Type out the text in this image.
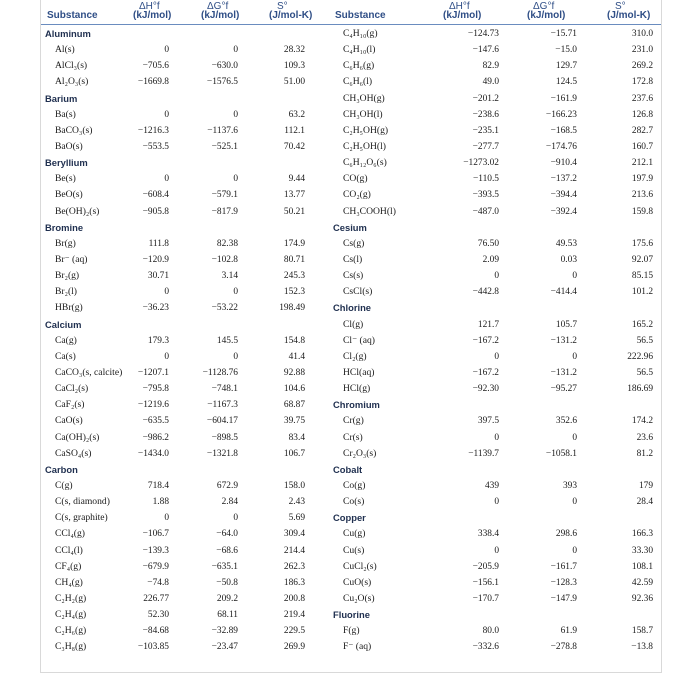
Substance
ΔH°f
(kJ/mol)
ΔG°f
(kJ/mol)
S°
(J/mol-K) Substance
ΔH°f
(kJ/mol)
ΔG°f
(kJ/mol)
S°
(J/mol-K)
Aluminum
Al(s)
AlCl₃(s)
Al₂O₃(s)
Barium
Ba(s)
BaCO₃(s)
BaO(s)
Beryllium
Be(s)
BeO(s)
Be(OH)₂(s)
Bromine
Br(g)
Br⁻ (aq)
Br₂(g)
Br₂(l)
HBr(g)
Calcium
Ca(g)
Ca(s)
CaCO₃(s, calcite)
CaCl₂(s)
CaF₂(s)
CaO(s)
Ca(OH)₂(s)
CaSO₄(s)
Carbon
C(g)
C(s, diamond)
C(s, graphite)
CCl₄(g)
CCl₄(l)
CF₄(g)
CH₄(g)
C₂H₂(g)
C₂H₄(g)
C₂H₆(g)
C₃H₈(g)
0
−705.6
−1669.8
0
−1216.3
−553.5
0
−608.4
−905.8
111.8
−120.9
30.71
0
−36.23
179.3
0
−1207.1
−795.8
−1219.6
−635.5
−986.2
−1434.0
718.4
1.88
0
−106.7
−139.3
−679.9
−74.8
226.77
52.30
−84.68
−103.85
0
−630.0
−1576.5
0
−1137.6
−525.1
0
−579.1
−817.9
82.38
−102.8
3.14
0
−53.22
145.5
0
−1128.76
−748.1
−1167.3
−604.17
−898.5
−1321.8
672.9
2.84
0
−64.0
−68.6
−635.1
−50.8
209.2
68.11
−32.89
−23.47
28.32
109.3
51.00
63.2
112.1
70.42
9.44
13.77
50.21
174.9
80.71
245.3
152.3
198.49
154.8
41.4
92.88
104.6
68.87
39.75
83.4
106.7
158.0
2.43
5.69
309.4
214.4
262.3
186.3
200.8
219.4
229.5
269.9
C₄H₁₀(g)
C₄H₁₀(l)
C₆H₆(g)
C₆H₆(l)
CH₃OH(g)
CH₃OH(l)
C₂H₅OH(g)
C₂H₅OH(l)
C₆H₁₂O₆(s)
CO(g)
CO₂(g)
CH₃COOH(l)
Cesium
Cs(g)
Cs(l)
Cs(s)
CsCl(s)
Chlorine
Cl(g)
Cl⁻ (aq)
Cl₂(g)
HCl(aq)
HCl(g)
Chromium
Cr(g)
Cr(s)
Cr₂O₃(s)
Cobalt
Co(g)
Co(s)
Copper
Cu(g)
Cu(s)
CuCl₂(s)
CuO(s)
Cu₂O(s)
Fluorine
F(g)
F⁻ (aq)
−124.73
−147.6
82.9
49.0
−201.2
−238.6
−235.1
−277.7
−1273.02
−110.5
−393.5
−487.0
76.50
2.09
0
−442.8
121.7
−167.2
0
−167.2
−92.30
397.5
0
−1139.7
439
0
338.4
0
−205.9
−156.1
−170.7
80.0
−332.6
−15.71
−15.0
129.7
124.5
−161.9
−166.23
−168.5
−174.76
−910.4
−137.2
−394.4
−392.4
49.53
0.03
0
−414.4
105.7
−131.2
0
−131.2
−95.27
352.6
0
−1058.1
393
0
298.6
0
−161.7
−128.3
−147.9
61.9
−278.8
310.0
231.0
269.2
172.8
237.6
126.8
282.7
160.7
212.1
197.9
213.6
159.8
175.6
92.07
85.15
101.2
165.2
56.5
222.96
56.5
186.69
174.2
23.6
81.2
179
28.4
166.3
33.30
108.1
42.59
92.36
158.7
−13.8
